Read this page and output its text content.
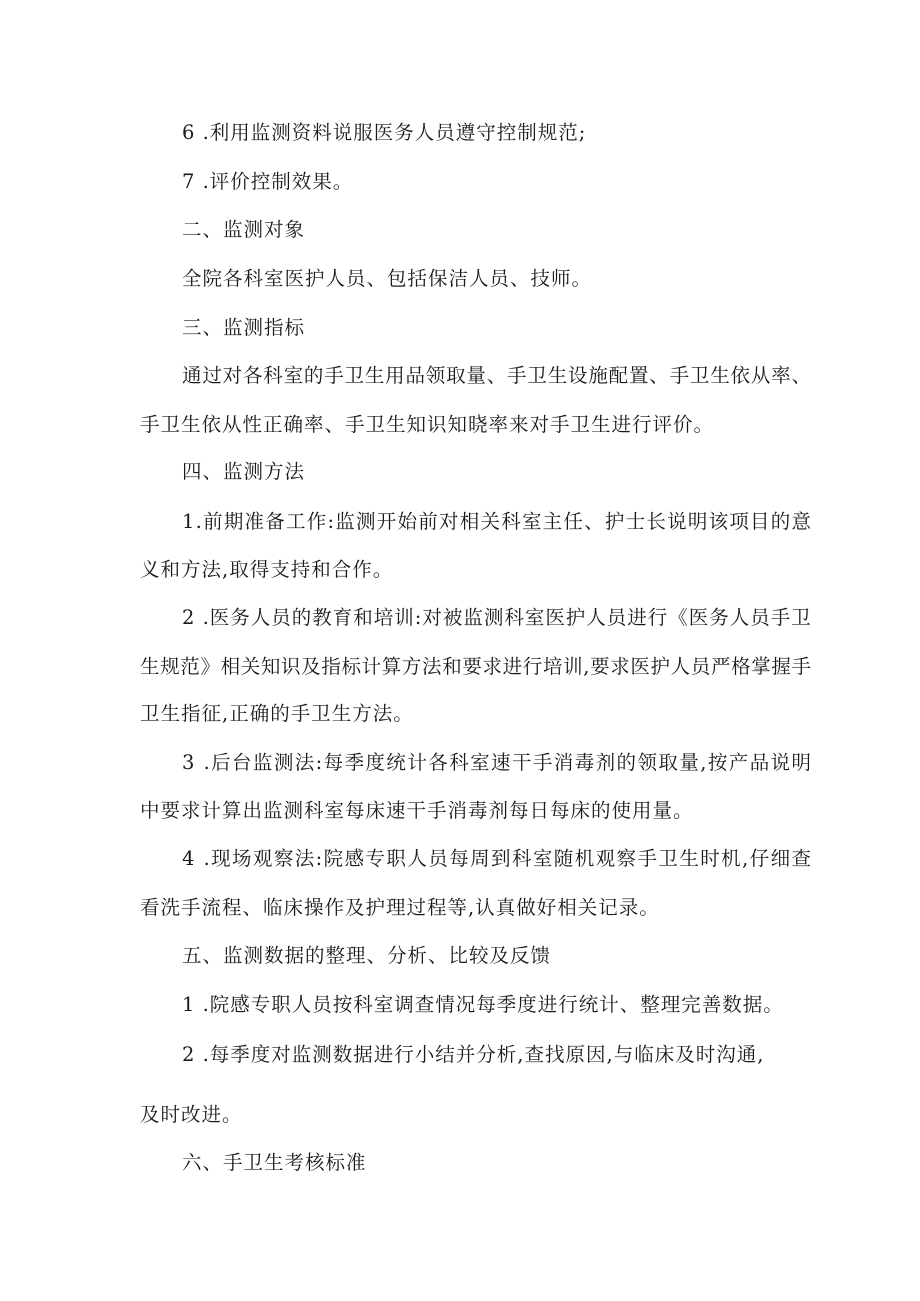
6 .利用监测资料说服医务人员遵守控制规范;
7 .评价控制效果。
二、监测对象
全院各科室医护人员、包括保洁人员、技师。
三、监测指标
通过对各科室的手卫生用品领取量、手卫生设施配置、手卫生依从率、
手卫生依从性正确率、手卫生知识知晓率来对手卫生进行评价。
四、监测方法
1.前期准备工作:监测开始前对相关科室主任、护士长说明该项目的意
义和方法,取得支持和合作。
2 .医务人员的教育和培训:对被监测科室医护人员进行《医务人员手卫
生规范》相关知识及指标计算方法和要求进行培训,要求医护人员严格掌握手
卫生指征,正确的手卫生方法。
3 .后台监测法:每季度统计各科室速干手消毒剂的领取量,按产品说明
中要求计算出监测科室每床速干手消毒剂每日每床的使用量。
4 .现场观察法:院感专职人员每周到科室随机观察手卫生时机,仔细查
看洗手流程、临床操作及护理过程等,认真做好相关记录。
五、监测数据的整理、分析、比较及反馈
1 .院感专职人员按科室调查情况每季度进行统计、整理完善数据。
2 .每季度对监测数据进行小结并分析,查找原因,与临床及时沟通,
及时改进。
六、手卫生考核标准
